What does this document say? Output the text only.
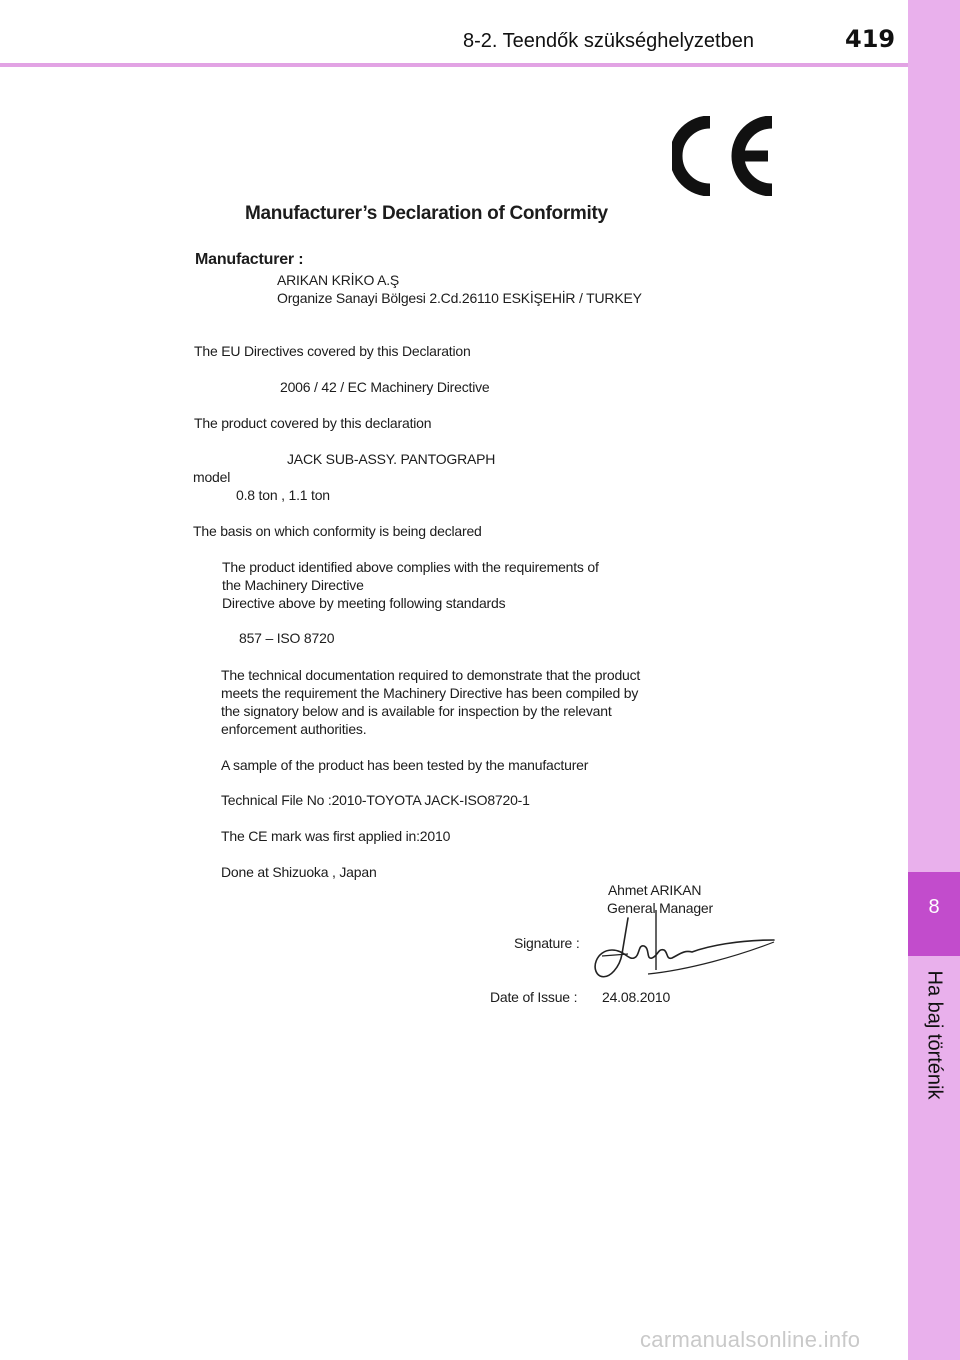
8-2. Teendők szükséghelyzetben	419
8
Ha baj történik
Manufacturer’s Declaration of Conformity
Manufacturer :
ARIKAN KRİKO A.Ş
Organize Sanayi Bölgesi 2.Cd.26110 ESKİŞEHİR / TURKEY
The EU Directives covered by this Declaration
2006 / 42 / EC Machinery Directive
The product covered by this declaration
JACK SUB-ASSY. PANTOGRAPH
model
0.8 ton , 1.1 ton
The basis on which conformity is being declared
The product identified above complies with the requirements of
the Machinery Directive
Directive above by meeting following standards
857 – ISO 8720
The technical documentation required to demonstrate that the product
meets the requirement the Machinery Directive has been compiled by
the signatory below and is available for inspection by the relevant
enforcement authorities.
A sample of the product has been tested by the manufacturer
Technical File No :2010-TOYOTA JACK-ISO8720-1
The CE mark was first applied in:2010
Done at Shizuoka , Japan
Ahmet ARIKAN
General Manager
Signature :
Date of Issue : 24.08.2010
carmanualsonline.info
